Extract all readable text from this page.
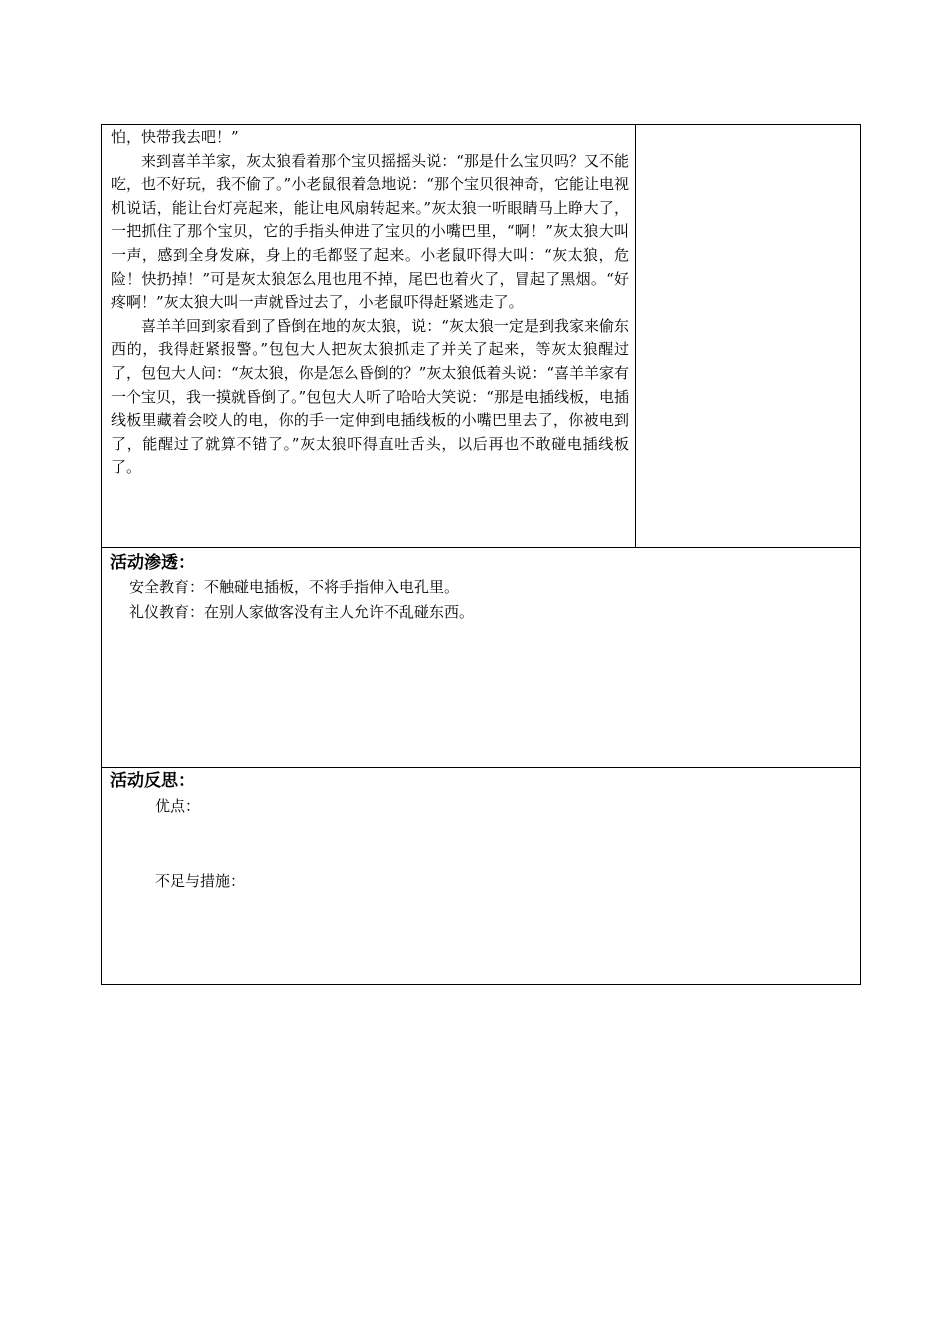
怕，快带我去吧！”

来到喜羊羊家，灰太狼看着那个宝贝摇摇头说：“那是什么宝贝吗？又不能吃，也不好玩，我不偷了。”小老鼠很着急地说：“那个宝贝很神奇，它能让电视机说话，能让台灯亮起来，能让电风扇转起来。”灰太狼一听眼睛马上睁大了，一把抓住了那个宝贝，它的手指头伸进了宝贝的小嘴巴里，“啊！”灰太狼大叫一声，感到全身发麻，身上的毛都竖了起来。小老鼠吓得大叫：“灰太狼，危险！快扔掉！”可是灰太狼怎么甩也甩不掉，尾巴也着火了，冒起了黑烟。“好疼啊！”灰太狼大叫一声就昏过去了，小老鼠吓得赶紧逃走了。

喜羊羊回到家看到了昏倒在地的灰太狼，说：“灰太狼一定是到我家来偷东西的，我得赶紧报警。”包包大人把灰太狼抓走了并关了起来，等灰太狼醒过了，包包大人问：“灰太狼，你是怎么昏倒的？”灰太狼低着头说：“喜羊羊家有一个宝贝，我一摸就昏倒了。”包包大人听了哈哈大笑说：“那是电插线板，电插线板里藏着会咬人的电，你的手一定伸到电插线板的小嘴巴里去了，你被电到了，能醒过了就算不错了。”灰太狼吓得直吐舌头，以后再也不敢碰电插线板了。

活动渗透：
安全教育：不触碰电插板，不将手指伸入电孔里。
礼仪教育：在别人家做客没有主人允许不乱碰东西。
活动反思：
优点：
不足与措施：
